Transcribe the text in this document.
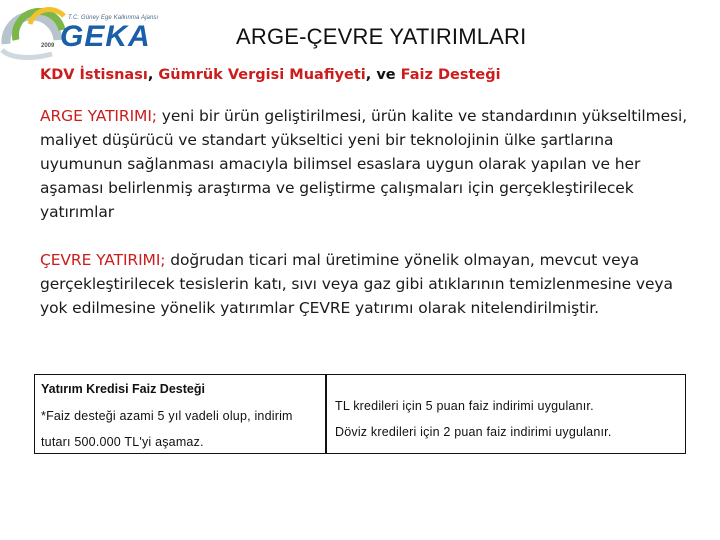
T.C. Güney Ege Kalkınma Ajansı
GEKA
2009	ARGE-ÇEVRE YATIRIMLARI
KDV İstisnası, Gümrük Vergisi Muafiyeti, ve Faiz Desteği
ARGE YATIRIMI; yeni bir ürün geliştirilmesi, ürün kalite ve standardının yükseltilmesi, maliyet düşürücü ve standart yükseltici yeni bir teknolojinin ülke şartlarına uyumunun sağlanması amacıyla bilimsel esaslara uygun olarak yapılan ve her aşaması belirlenmiş araştırma ve geliştirme çalışmaları için gerçekleştirilecek yatırımlar
ÇEVRE YATIRIMI; doğrudan ticari mal üretimine yönelik olmayan, mevcut veya gerçekleştirilecek tesislerin katı, sıvı veya gaz gibi atıklarının temizlenmesine veya yok edilmesine yönelik yatırımlar ÇEVRE yatırımı olarak nitelendirilmiştir.
Yatırım Kredisi Faiz Desteği
*Faiz desteği azami 5 yıl vadeli olup, indirim
tutarı 500.000 TL'yi aşamaz.
TL kredileri için 5 puan faiz indirimi uygulanır.
Döviz kredileri için 2 puan faiz indirimi uygulanır.
